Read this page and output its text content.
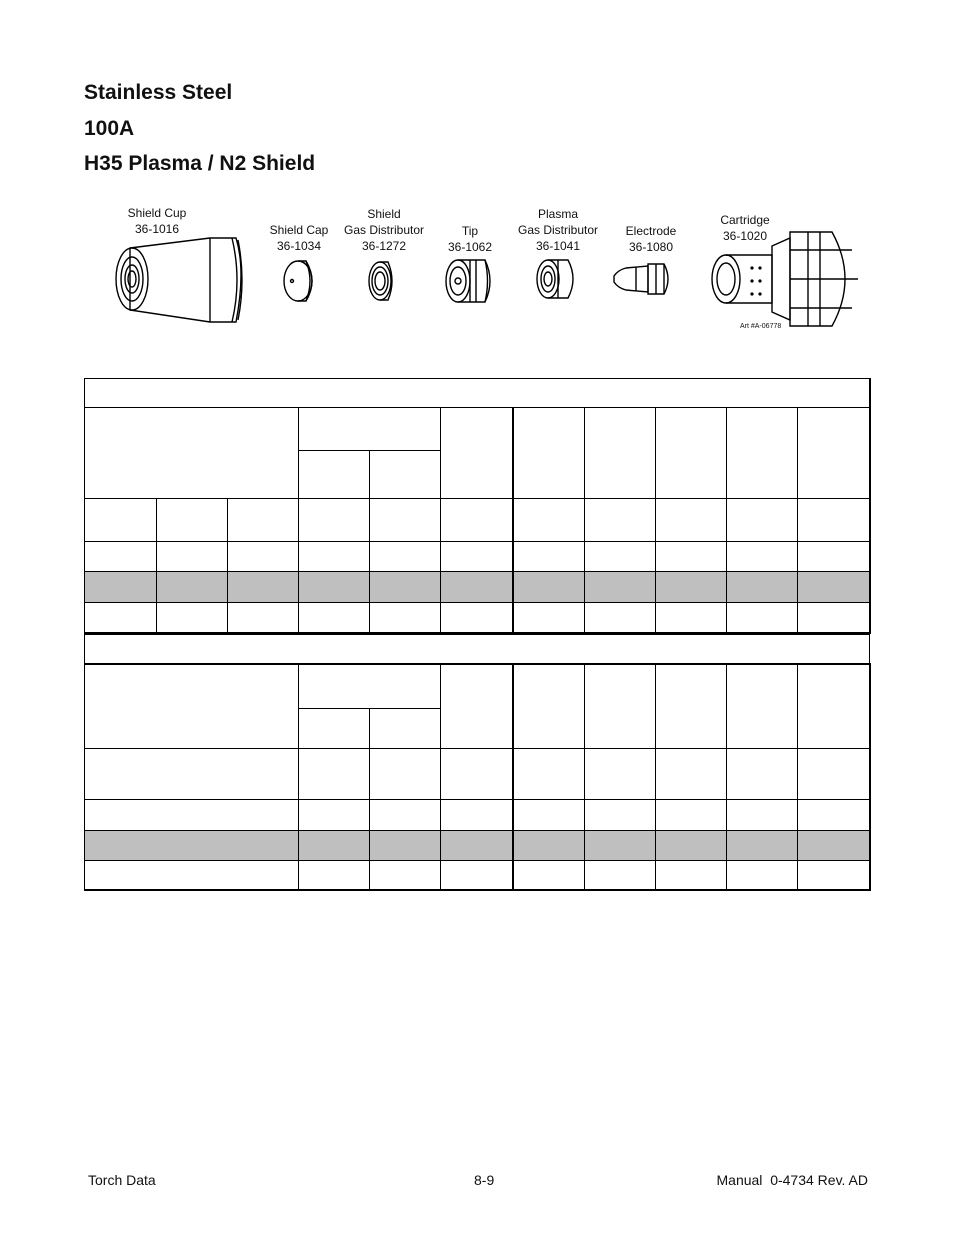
Stainless Steel
100A
H35 Plasma / N2 Shield
Shield Cup
36-1016	Shield Cap
36-1034
Shield
Gas Distributor
36-1272
Tip
36-1062
Plasma
Gas Distributor
36-1041
Electrode
36-1080
Cartridge
36-1020
Art #A-06778

Torch Data	8-9	Manual  0-4734 Rev. AD
